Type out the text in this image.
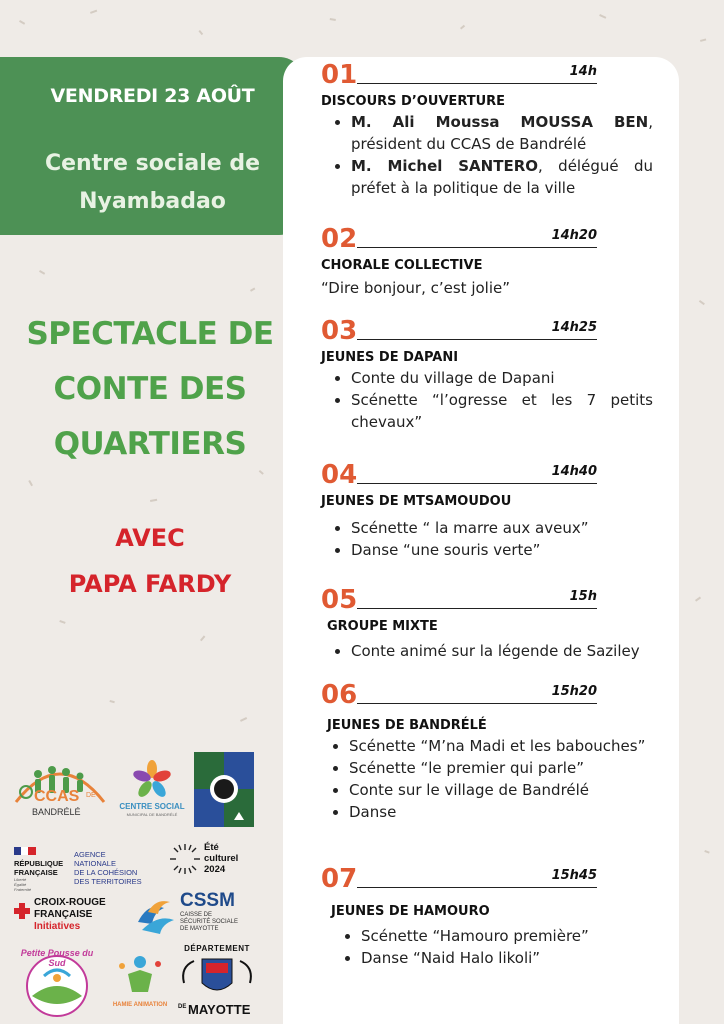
VENDREDI 23 AOÛT
Centre sociale de
Nyambadao
SPECTACLE DE
CONTE DES
QUARTIERS
AVEC
PAPA FARDY
01	14h
DISCOURS D’OUVERTURE
• M. Ali Moussa MOUSSA BEN, président du CCAS de Bandrélé
• M. Michel SANTERO, délégué du préfet à la politique de la ville
02	14h20
CHORALE COLLECTIVE
“Dire bonjour, c’est jolie”
03	14h25
JEUNES DE DAPANI
• Conte du village de Dapani
• Scénette “l’ogresse et les 7 petits chevaux”
04	14h40
JEUNES DE MTSAMOUDOU
• Scénette “ la marre aux aveux”
• Danse “une souris verte”
05	15h
GROUPE MIXTE
• Conte animé sur la légende de Saziley
06	15h20
JEUNES DE BANDRÉLÉ
• Scénette “M’na Madi et les babouches”
• Scénette “le premier qui parle”
• Conte sur le village de Bandrélé
• Danse
07	15h45
JEUNES DE HAMOURO
• Scénette “Hamouro première”
• Danse “Naid Halo likoli”
CCAS DE
BANDRÉLÉ
CENTRE SOCIAL
MUNICIPAL DE BANDRÉLÉ
RÉPUBLIQUE
FRANÇAISE
Liberté
Égalité
Fraternité
AGENCE
NATIONALE
DE LA COHÉSION
DES TERRITOIRES
Été
culturel
2024
CROIX-ROUGE
FRANÇAISE
Initiatives
CSSM
CAISSE DE
SÉCURITÉ SOCIALE
DE MAYOTTE
Petite Pousse du Sud
HAMIE ANIMATION
DÉPARTEMENT
DE MAYOTTE
